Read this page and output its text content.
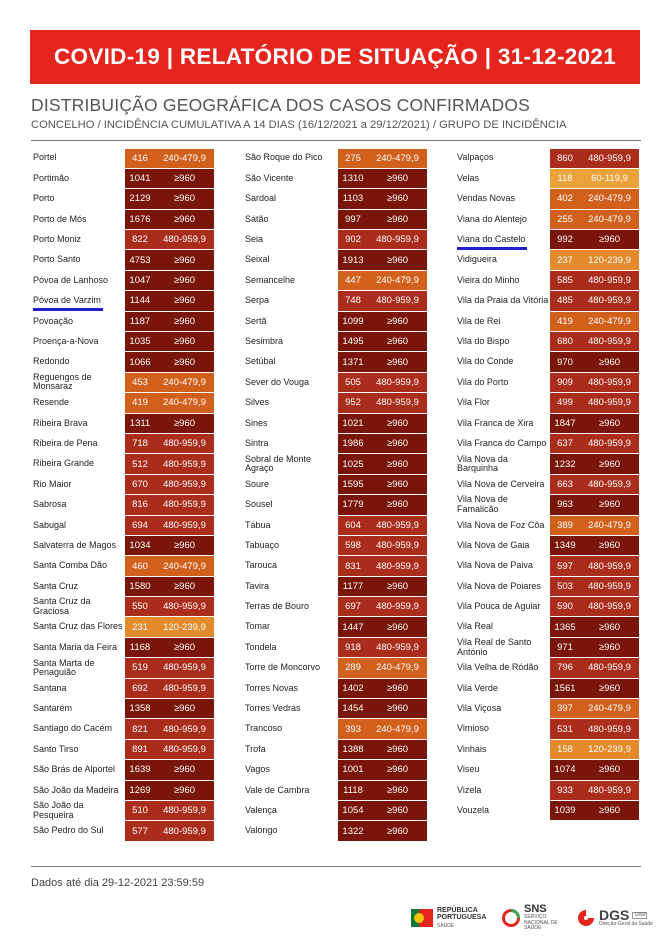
COVID-19 | RELATÓRIO DE SITUAÇÃO | 31-12-2021
DISTRIBUIÇÃO GEOGRÁFICA DOS CASOS CONFIRMADOS
CONCELHO / INCIDÊNCIA CUMULATIVA A 14 DIAS (16/12/2021 a 29/12/2021) / GRUPO DE INCIDÊNCIA
Portel	416	240-479,9
Portimão	1041	≥960
Porto	2129	≥960
Porto de Mós	1676	≥960
Porto Moniz	822	480-959,9
Porto Santo	4753	≥960
Póvoa de Lanhoso	1047	≥960
Póvoa de Varzim	1144	≥960
Povoação	1187	≥960
Proença-a-Nova	1035	≥960
Redondo	1066	≥960
Reguengos de Monsaraz	453	240-479,9
Resende	419	240-479,9
Ribeira Brava	1311	≥960
Ribeira de Pena	718	480-959,9
Ribeira Grande	512	480-959,9
Rio Maior	670	480-959,9
Sabrosa	816	480-959,9
Sabugal	694	480-959,9
Salvaterra de Magos	1034	≥960
Santa Comba Dão	460	240-479,9
Santa Cruz	1580	≥960
Santa Cruz da Graciosa	550	480-959,9
Santa Cruz das Flores	231	120-239,9
Santa Maria da Feira	1168	≥960
Santa Marta de Penaguião	519	480-959,9
Santana	692	480-959,9
Santarém	1358	≥960
Santiago do Cacém	821	480-959,9
Santo Tirso	891	480-959,9
São Brás de Alportel	1639	≥960
São João da Madeira	1269	≥960
São João da Pesqueira	510	480-959,9
São Pedro do Sul	577	480-959,9
São Roque do Pico	275	240-479,9
São Vicente	1310	≥960
Sardoal	1103	≥960
Sátão	997	≥960
Seia	902	480-959,9
Seixal	1913	≥960
Semancelhe	447	240-479,9
Serpa	748	480-959,9
Sertã	1099	≥960
Sesimbra	1495	≥960
Setúbal	1371	≥960
Sever do Vouga	505	480-959,9
Silves	952	480-959,9
Sines	1021	≥960
Sintra	1986	≥960
Sobral de Monte Agraço	1025	≥960
Soure	1595	≥960
Sousel	1779	≥960
Tábua	604	480-959,9
Tabuaço	598	480-959,9
Tarouca	831	480-959,9
Tavira	1177	≥960
Terras de Bouro	697	480-959,9
Tomar	1447	≥960
Tondela	918	480-959,9
Torre de Moncorvo	289	240-479,9
Torres Novas	1402	≥960
Torres Vedras	1454	≥960
Trancoso	393	240-479,9
Trofa	1388	≥960
Vagos	1001	≥960
Vale de Cambra	1118	≥960
Valença	1054	≥960
Valongo	1322	≥960
Valpaços	860	480-959,9
Velas	118	60-119,9
Vendas Novas	402	240-479,9
Viana do Alentejo	255	240-479,9
Viana do Castelo	992	≥960
Vidigueira	237	120-239,9
Vieira do Minho	585	480-959,9
Vila da Praia da Vitória 485	480-959,9
Vila de Rei	419	240-479,9
Vila do Bispo	680	480-959,9
Vila do Conde	970	≥960
Vila do Porto	909	480-959,9
Vila Flor	499	480-959,9
Vila Franca de Xira	1847	≥960
Vila Franca do Campo	637	480-959,9
Vila Nova da Barquinha	1232	≥960
Vila Nova de Cerveira	663	480-959,9
Vila Nova de Famalicão	963	≥960
Vila Nova de Foz Côa	389	240-479,9
Vila Nova de Gaia	1349	≥960
Vila Nova de Paiva	597	480-959,9
Vila Nova de Poiares	503	480-959,9
Vila Pouca de Aguiar	590	480-959,9
Vila Real	1365	≥960
Vila Real de Santo António	971	≥960
Vila Velha de Ródão	796	480-959,9
Vila Verde	1561	≥960
Vila Viçosa	397	240-479,9
Vimioso	531	480-959,9
Vinhais	158	120-239,9
Viseu	1074	≥960
Vizela	933	480-959,9
Vouzela	1039	≥960
Dados até dia 29-12-2021 23:59:59
REPÚBLICA
PORTUGUESA
SAÚDE
SNS
SERVIÇO NACIONAL DE SAÚDE
DGS	1899
Direção-Geral da Saúde
